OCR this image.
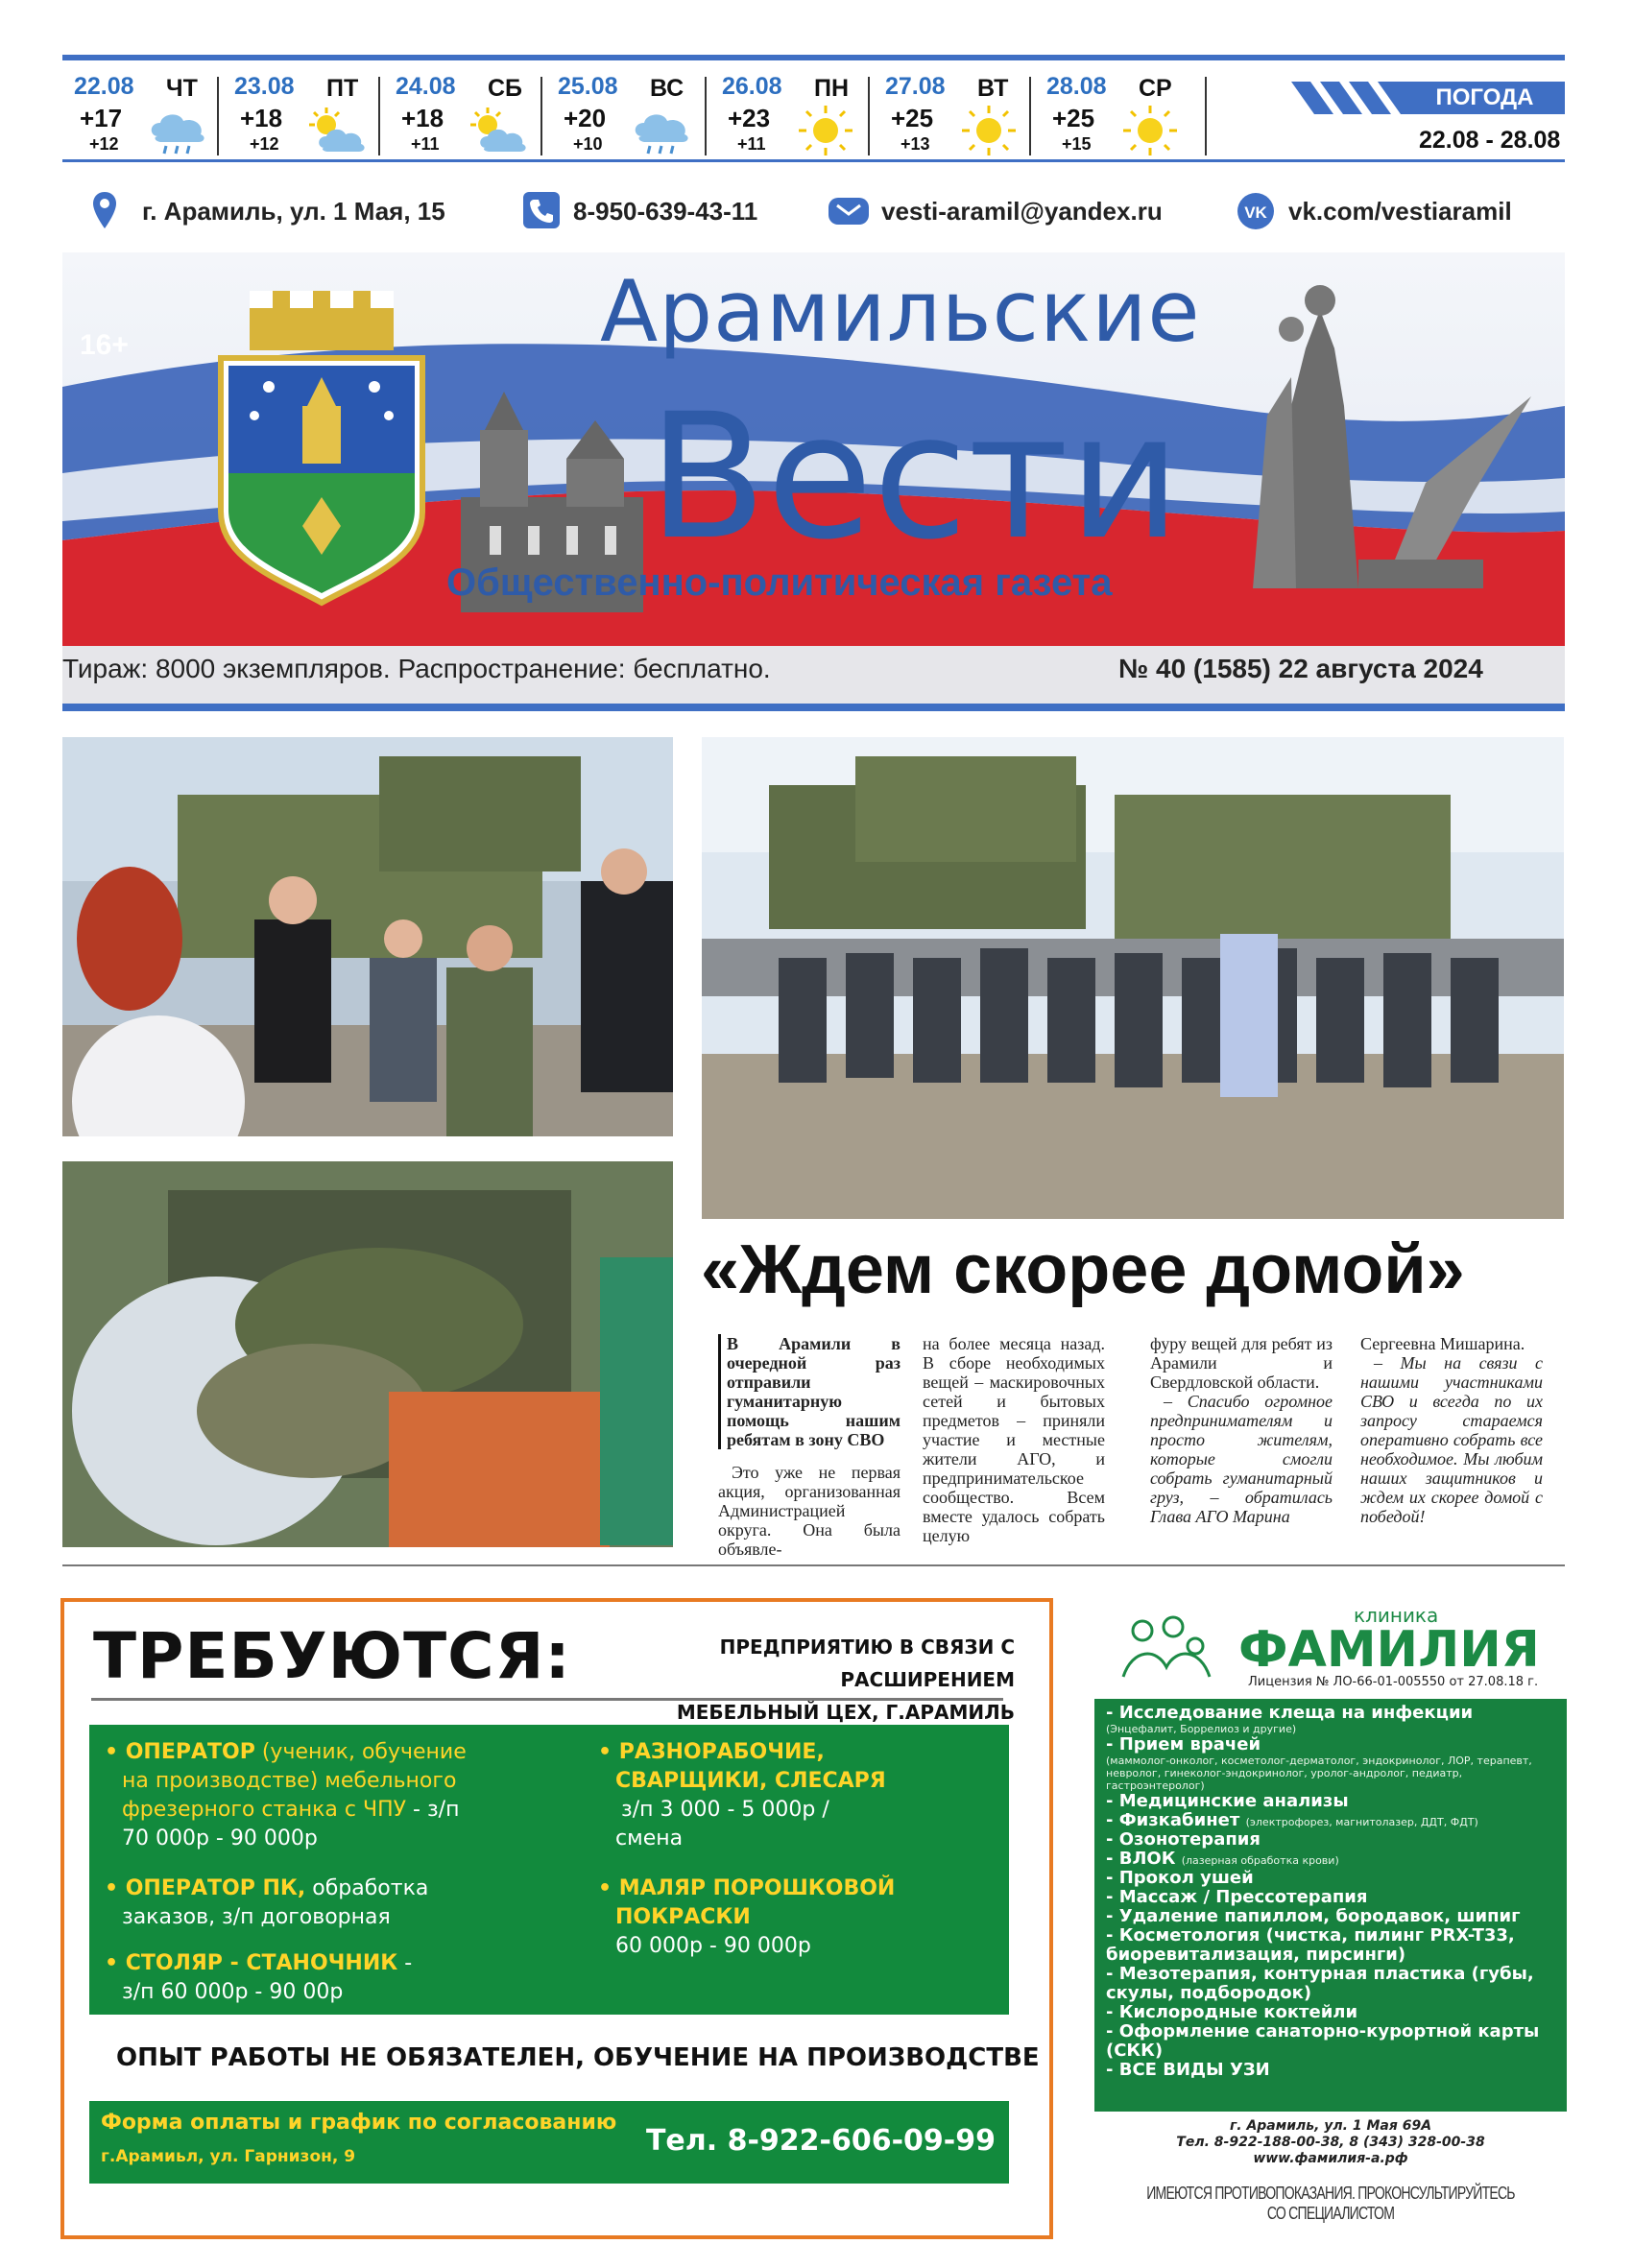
22.08 ЧТ
+17
+12
23.08 ПТ
+18
+12
24.08 СБ
+18
+11
25.08 ВС
+20
+10
26.08 ПН
+23
+11
27.08 ВТ
+25
+13
28.08 СР
+25
+15
ПОГОДА
22.08 - 28.08
г. Арамиль, ул. 1 Мая, 15	8-950-639-43-11	vesti-aramil@yandex.ru	VK vk.com/vestiaramil
16+	Арамильские
Вести
Общественно-политическая газета
Тираж: 8000 экземпляров. Распространение: бесплатно.	№ 40 (1585) 22 августа 2024
«Ждем скорее домой»
В Арамили в очередной раз отправили гуманитарную помощь нашим ребятам в зону СВО
Это уже не первая акция, организованная Администрацией округа. Она была объявле-
на более месяца назад. В сборе необходимых вещей – маскировочных сетей и бытовых предметов – приняли участие и местные жители АГО, и предпринимательское сообщество. Всем вместе удалось собрать целую
фуру вещей для ребят из Арамили и Свердловской области.
– Спасибо огромное предпринимателям и просто жителям, которые смогли собрать гуманитарный груз, – обратилась Глава АГО Марина
Сергеевна Мишарина.
– Мы на связи с нашими участниками СВО и всегда по их запросу стараемся оперативно собрать все необходимое. Мы любим наших защитников и ждем их скорее домой с победой!
ТРЕБУЮТСЯ:	ПРЕДПРИЯТИЮ В СВЯЗИ С РАСШИРЕНИЕМ
МЕБЕЛЬНЫЙ ЦЕХ, Г.АРАМИЛЬ
• ОПЕРАТОР (ученик, обучение
на производстве) мебельного
фрезерного станка с ЧПУ - з/п
70 000р - 90 000р
• ОПЕРАТОР ПК, обработка
заказов, з/п договорная
• СТОЛЯР - СТАНОЧНИК -
з/п 60 000р - 90 00р
• РАЗНОРАБОЧИЕ,
СВАРЩИКИ, СЛЕСАРЯ
з/п 3 000 - 5 000р /
смена
• МАЛЯР ПОРОШКОВОЙ
ПОКРАСКИ
60 000р - 90 000р
ОПЫТ РАБОТЫ НЕ ОБЯЗАТЕЛЕН, ОБУЧЕНИЕ НА ПРОИЗВОДСТВЕ
Форма оплаты и график по согласованию
г.Арамиьл, ул. Гарнизон, 9	Тел. 8-922-606-09-99
клиника
ФАМИЛИЯ
Лицензия № ЛО-66-01-005550 от 27.08.18 г.
- Исследование клеща на инфекции
(Энцефалит, Боррелиоз и другие)
- Прием врачей
(маммолог-онколог, косметолог-дерматолог, эндокринолог, ЛОР, терапевт, невролог, гинеколог-эндокринолог, уролог-андролог, педиатр, гастроэнтеролог)
- Медицинские анализы
- Физкабинет (электрофорез, магнитолазер, ДДТ, ФДТ)
- Озонотерапия
- ВЛОК (лазерная обработка крови)
- Прокол ушей
- Массаж / Прессотерапия
- Удаление папиллом, бородавок, шипиг
- Косметология (чистка, пилинг PRX-T33, биоревитализация, пирсинги)
- Мезотерапия, контурная пластика (губы, скулы, подбородок)
- Кислородные коктейли
- Оформление санаторно-курортной карты (СКК)
- ВСЕ ВИДЫ УЗИ
г. Арамиль, ул. 1 Мая 69А
Тел. 8-922-188-00-38, 8 (343) 328-00-38
www.фамилия-а.рф
ИМЕЮТСЯ ПРОТИВОПОКАЗАНИЯ. ПРОКОНСУЛЬТИРУЙТЕСЬ СО СПЕЦИАЛИСТОМ
